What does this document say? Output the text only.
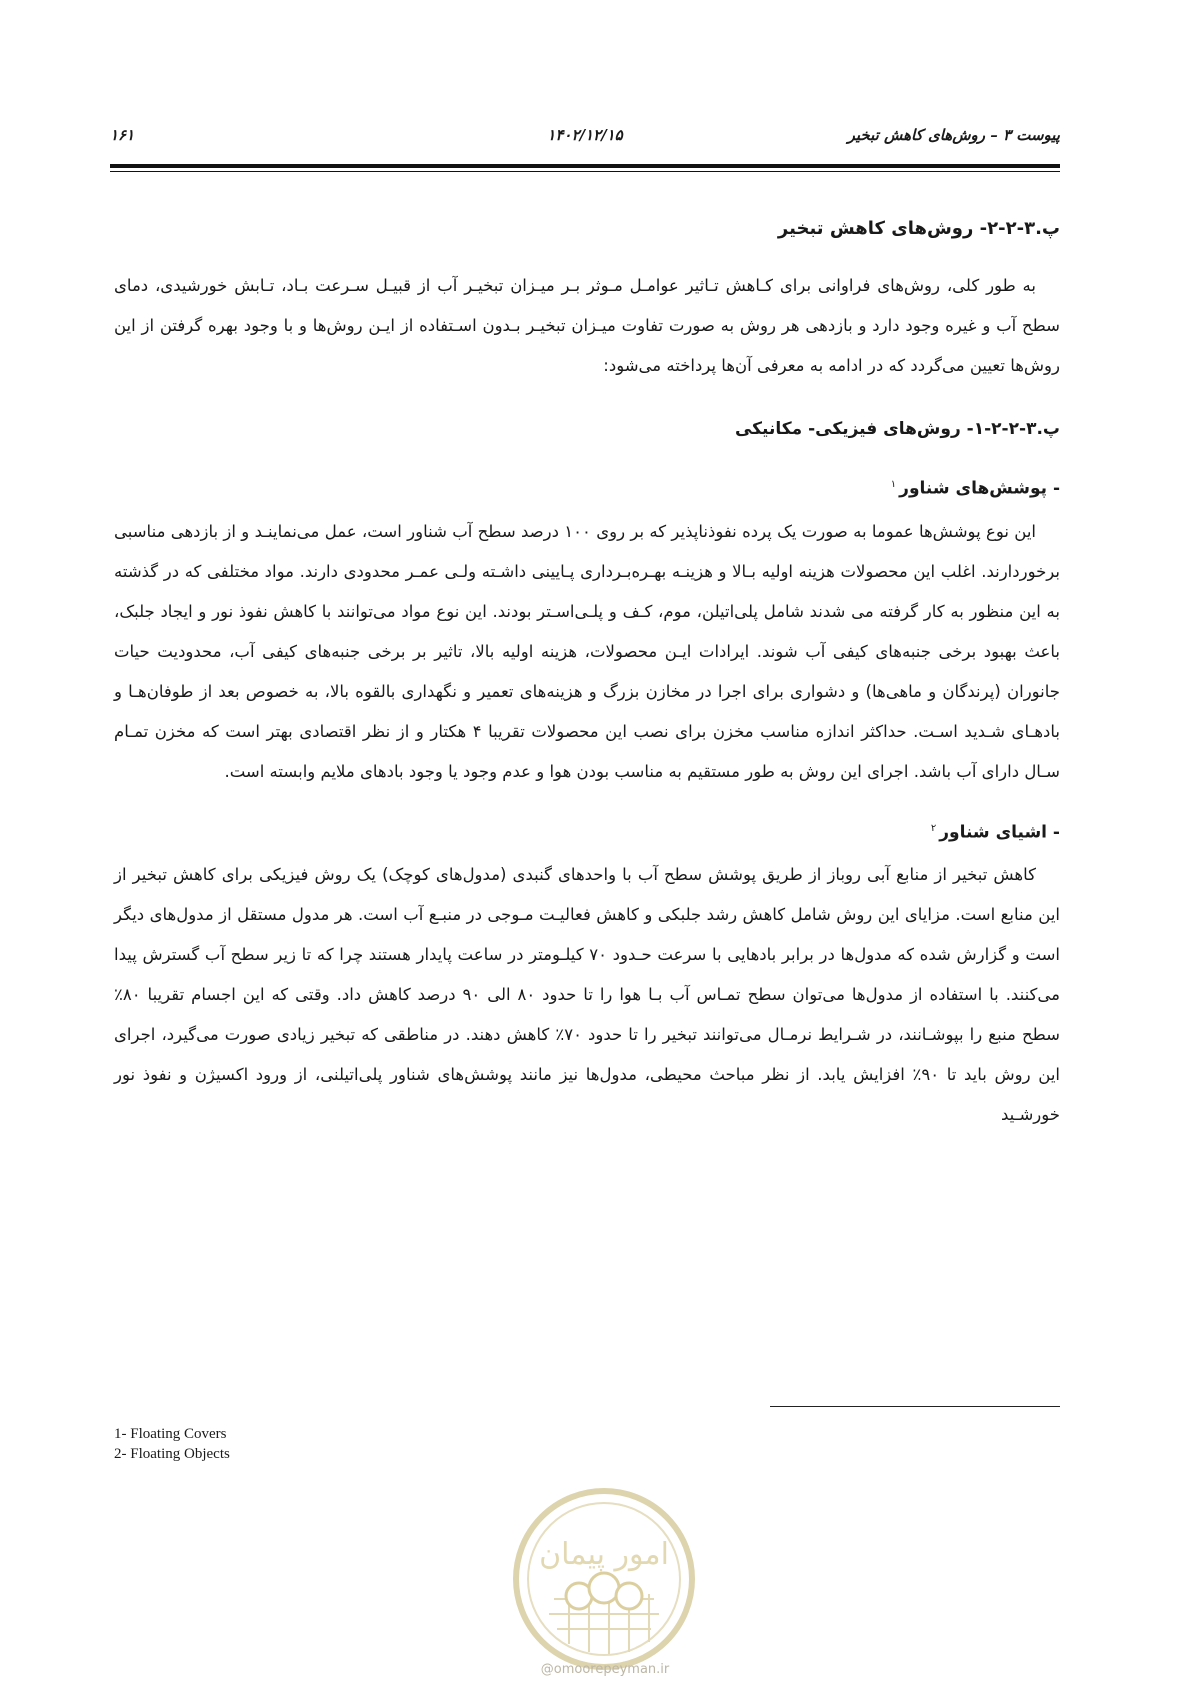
پیوست ۳ – روش‌های کاهش تبخیر
۱۴۰۲/۱۲/۱۵
۱۶۱
پ.۳-۲-۲- روش‌های کاهش تبخیر

به طور کلی، روش‌های فراوانی برای کـاهش تـاثیر عوامـل مـوثر بـر میـزان تبخیـر آب از قبیـل سـرعت بـاد، تـابش خورشیدی، دمای سطح آب و غیره وجود دارد و بازدهی هر روش به صورت تفاوت میـزان تبخیـر بـدون اسـتفاده از ایـن روش‌ها و با وجود بهره گرفتن از این روش‌ها تعیین می‌گردد که در ادامه به معرفی آن‌ها پرداخته می‌شود:

پ.۳-۲-۲-۱- روش‌های فیزیکی- مکانیکی
- پوشش‌های شناور$^۱$

این نوع پوشش‌ها عموما به صورت یک پرده نفوذناپذیر که بر روی ۱۰۰ درصد سطح آب شناور است، عمل می‌نماینـد و از بازدهی مناسبی برخوردارند. اغلب این محصولات هزینه اولیه بـالا و هزینـه بهـره‌بـرداری پـایینی داشـته ولـی عمـر محدودی دارند. مواد مختلفی که در گذشته به این منظور به کار گرفته می شدند شامل پلی‌اتیلن، موم، کـف و پلـی‌اسـتر بودند. این نوع مواد می‌توانند با کاهش نفوذ نور و ایجاد جلبک، باعث بهبود برخی جنبه‌های کیفی آب شوند. ایرادات ایـن محصولات، هزینه اولیه بالا، تاثیر بر برخی جنبه‌های کیفی آب، محدودیت حیات جانوران (پرندگان و ماهی‌ها) و دشواری برای اجرا در مخازن بزرگ و هزینه‌های تعمیر و نگهداری بالقوه بالا، به خصوص بعد از طوفان‌هـا و بادهـای شـدید اسـت. حداکثر اندازه مناسب مخزن برای نصب این محصولات تقریبا ۴ هکتار و از نظر اقتصادی بهتر است که مخزن تمـام سـال دارای آب باشد. اجرای این روش به طور مستقیم به مناسب بودن هوا و عدم وجود یا وجود بادهای ملایم وابسته است.

- اشیای شناور$^۲$

کاهش تبخیر از منابع آبی روباز از طریق پوشش سطح آب با واحدهای گنبدی (مدول‌های کوچک) یک روش فیزیکی برای کاهش تبخیر از این منابع است. مزایای این روش شامل کاهش رشد جلبکی و کاهش فعالیـت مـوجی در منبـع آب است. هر مدول مستقل از مدول‌های دیگر است و گزارش شده که مدول‌ها در برابر بادهایی با سرعت حـدود ۷۰ کیلـومتر در ساعت پایدار هستند چرا که تا زیر سطح آب گسترش پیدا می‌کنند. با استفاده از مدول‌ها می‌توان سطح تمـاس آب بـا هوا را تا حدود ۸۰ الی ۹۰ درصد کاهش داد. وقتی که این اجسام تقریبا ۸۰٪ سطح منبع را بپوشـانند، در شـرایط نرمـال می‌توانند تبخیر را تا حدود ۷۰٪ کاهش دهند. در مناطقی که تبخیر زیادی صورت می‌گیرد، اجرای این روش باید تا ۹۰٪ افزایش یابد. از نظر مباحث محیطی، مدول‌ها نیز مانند پوشش‌های شناور پلی‌اتیلنی، از ورود اکسیژن و نفوذ نور خورشـید

1- Floating Covers
2- Floating Objects
امور پیمان
@omoorepeyman.ir
